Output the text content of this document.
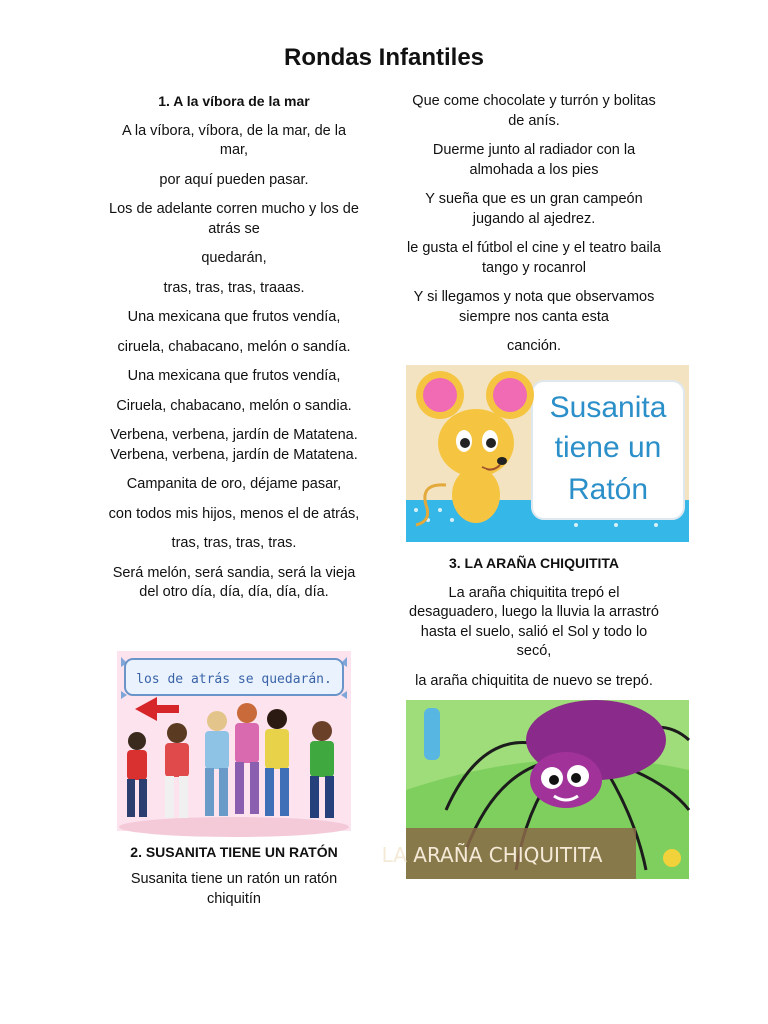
Rondas Infantiles
1. A la víbora de la mar

A la víbora, víbora, de la mar, de la mar,

por aquí pueden pasar.

Los de adelante corren mucho y los de atrás se

quedarán,

tras, tras, tras, traaas.

Una mexicana que frutos vendía,

ciruela, chabacano, melón o sandía.

Una mexicana que frutos vendía,

Ciruela, chabacano, melón o sandia.

Verbena, verbena, jardín de Matatena. Verbena, verbena, jardín de Matatena.

Campanita de oro, déjame pasar,

con todos mis hijos, menos el de atrás,

tras, tras, tras, tras.

Será melón, será sandia, será la vieja del otro día, día, día, día, día.

los de atrás se quedarán.
2. SUSANITA TIENE UN RATÓN

Susanita tiene un ratón un ratón chiquitín

Que come chocolate y turrón y bolitas de anís.

Duerme junto al radiador con la almohada a los pies

Y sueña que es un gran campeón jugando al ajedrez.

le gusta el fútbol el cine y el teatro baila tango y rocanrol

Y si llegamos y nota que observamos siempre nos canta esta

canción.

Susanita
tiene un
Ratón
3. LA ARAÑA CHIQUITITA

La araña chiquitita trepó el desaguadero, luego la lluvia la arrastró hasta el suelo, salió el Sol y todo lo secó,

la araña chiquitita de nuevo se trepó.

LA ARAÑA CHIQUITITA
